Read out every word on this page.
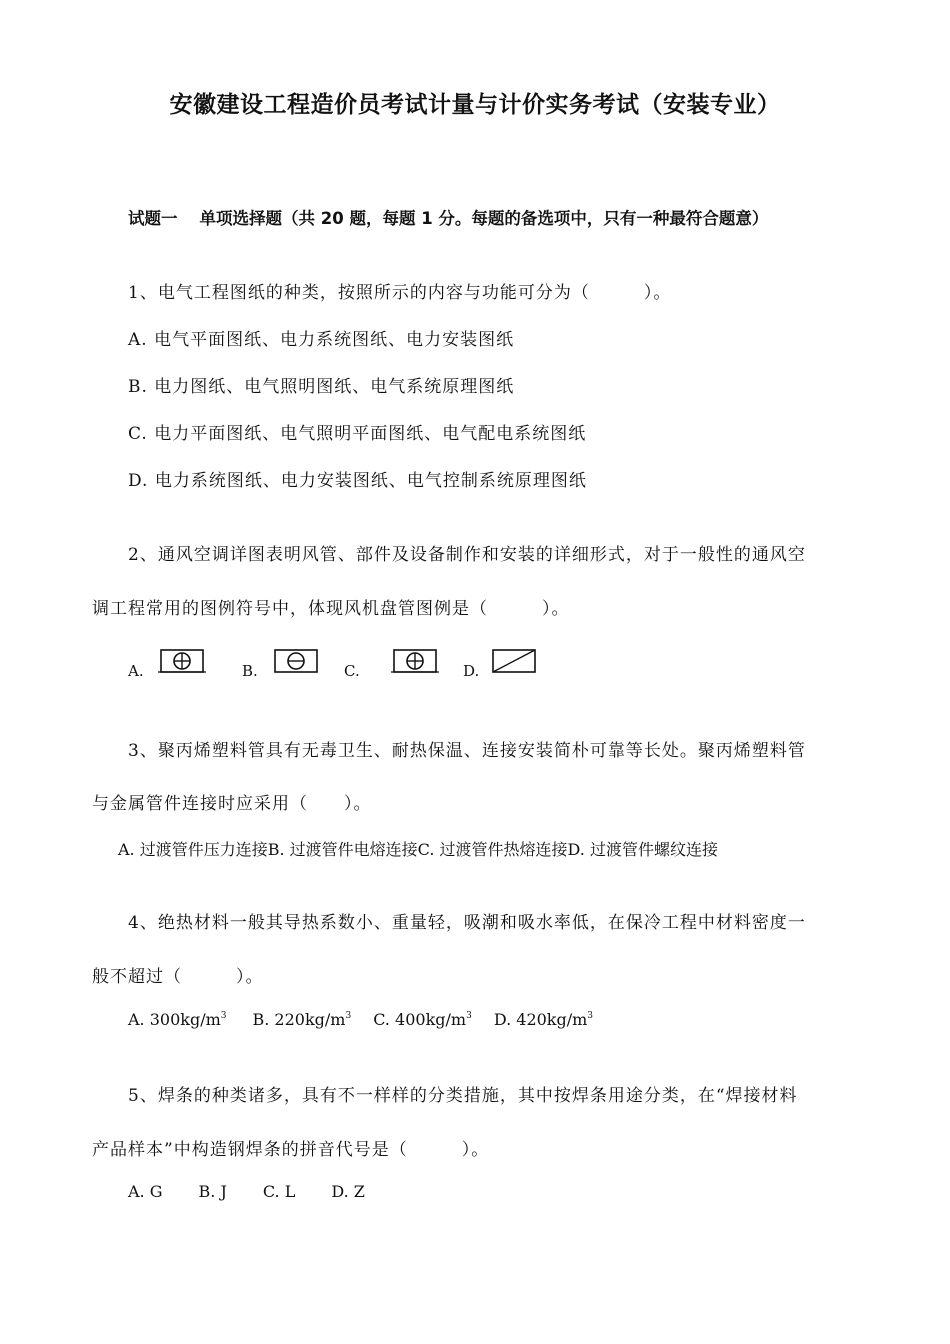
安徽建设工程造价员考试计量与计价实务考试（安装专业）
试题一 单项选择题（共 20 题，每题 1 分。每题的备选项中，只有一种最符合题意）
1、电气工程图纸的种类，按照所示的内容与功能可分为（　　　）。
A. 电气平面图纸、电力系统图纸、电力安装图纸
B. 电力图纸、电气照明图纸、电气系统原理图纸
C. 电力平面图纸、电气照明平面图纸、电气配电系统图纸
D. 电力系统图纸、电力安装图纸、电气控制系统原理图纸
2、通风空调详图表明风管、部件及设备制作和安装的详细形式，对于一般性的通风空
调工程常用的图例符号中，体现风机盘管图例是（　　　）。
A.	B.	C.	D.
3、聚丙烯塑料管具有无毒卫生、耐热保温、连接安装简朴可靠等长处。聚丙烯塑料管
与金属管件连接时应采用（　　）。
A. 过渡管件压力连接B. 过渡管件电熔连接C. 过渡管件热熔连接D. 过渡管件螺纹连接
4、绝热材料一般其导热系数小、重量轻，吸潮和吸水率低，在保冷工程中材料密度一
般不超过（　　　）。
A. $300kg/m^3$ B. $220kg/m^3$ C. $400kg/m^3$ D. $420kg/m^3$
5、焊条的种类诸多，具有不一样样的分类措施，其中按焊条用途分类，在“焊接材料
产品样本”中构造钢焊条的拼音代号是（　　　）。
A. G B. J C. L D. Z
